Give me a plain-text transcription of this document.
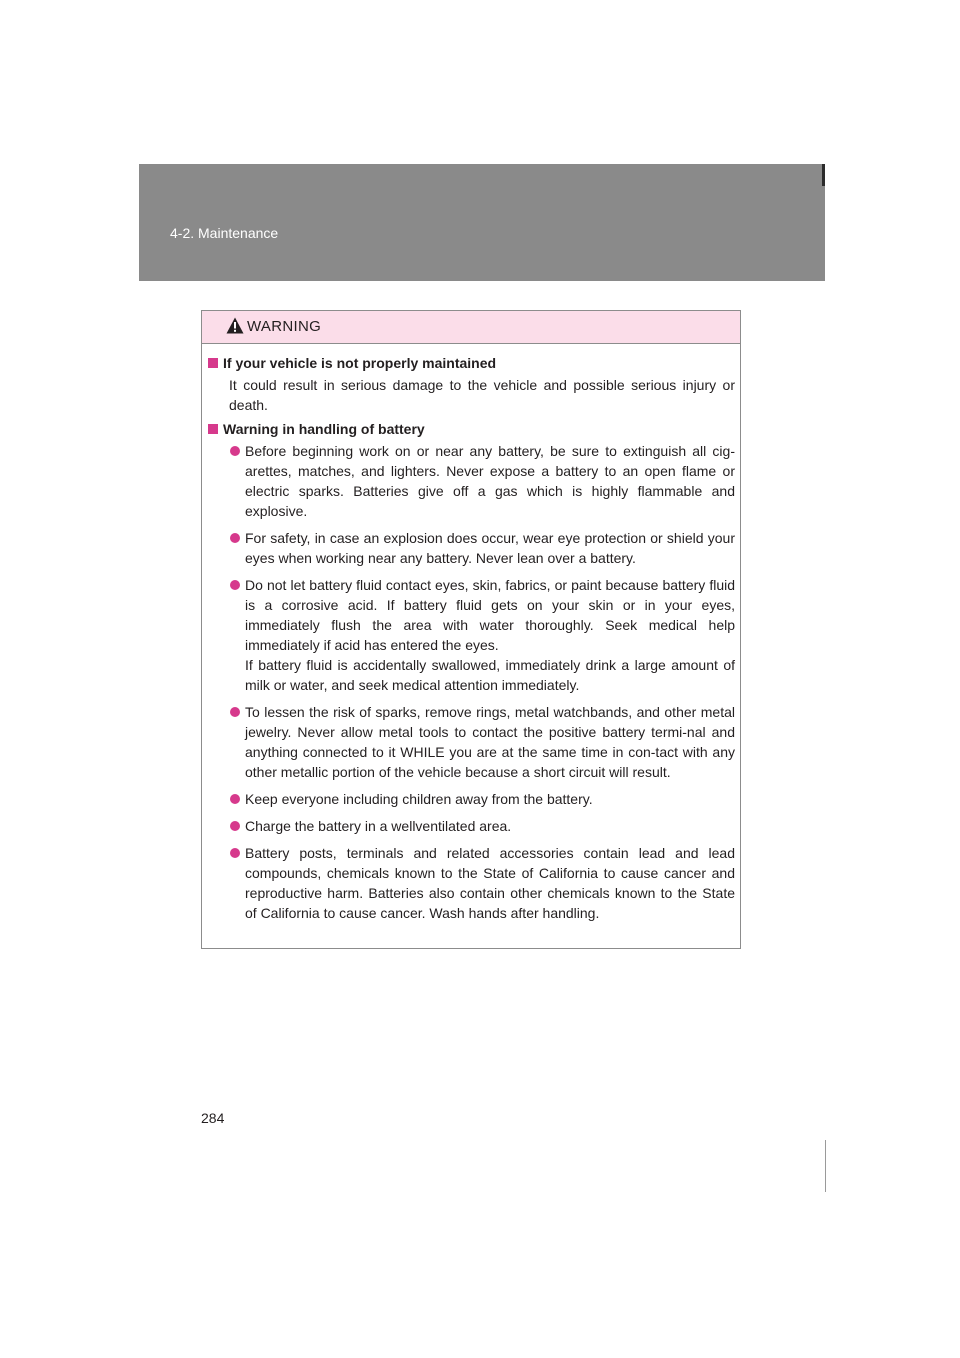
4-2. Maintenance
WARNING
If your vehicle is not properly maintained

It could result in serious damage to the vehicle and possible serious injury or death.

Warning in handling of battery
Before beginning work on or near any battery, be sure to extinguish all cig-arettes, matches, and lighters. Never expose a battery to an open flame or electric sparks. Batteries give off a gas which is highly flammable and explosive.
For safety, in case an explosion does occur, wear eye protection or shield your eyes when working near any battery. Never lean over a battery.
Do not let battery fluid contact eyes, skin, fabrics, or paint because battery fluid is a corrosive acid. If battery fluid gets on your skin or in your eyes, immediately flush the area with water thoroughly. Seek medical help immediately if acid has entered the eyes.
If battery fluid is accidentally swallowed, immediately drink a large amount of milk or water, and seek medical attention immediately.
To lessen the risk of sparks, remove rings, metal watchbands, and other metal jewelry. Never allow metal tools to contact the positive battery termi-nal and anything connected to it WHILE you are at the same time in con-tact with any other metallic portion of the vehicle because a short circuit will result.
Keep everyone including children away from the battery.
Charge the battery in a wellventilated area.
Battery posts, terminals and related accessories contain lead and lead compounds, chemicals known to the State of California to cause cancer and reproductive harm. Batteries also contain other chemicals known to the State of California to cause cancer. Wash hands after handling.
284
